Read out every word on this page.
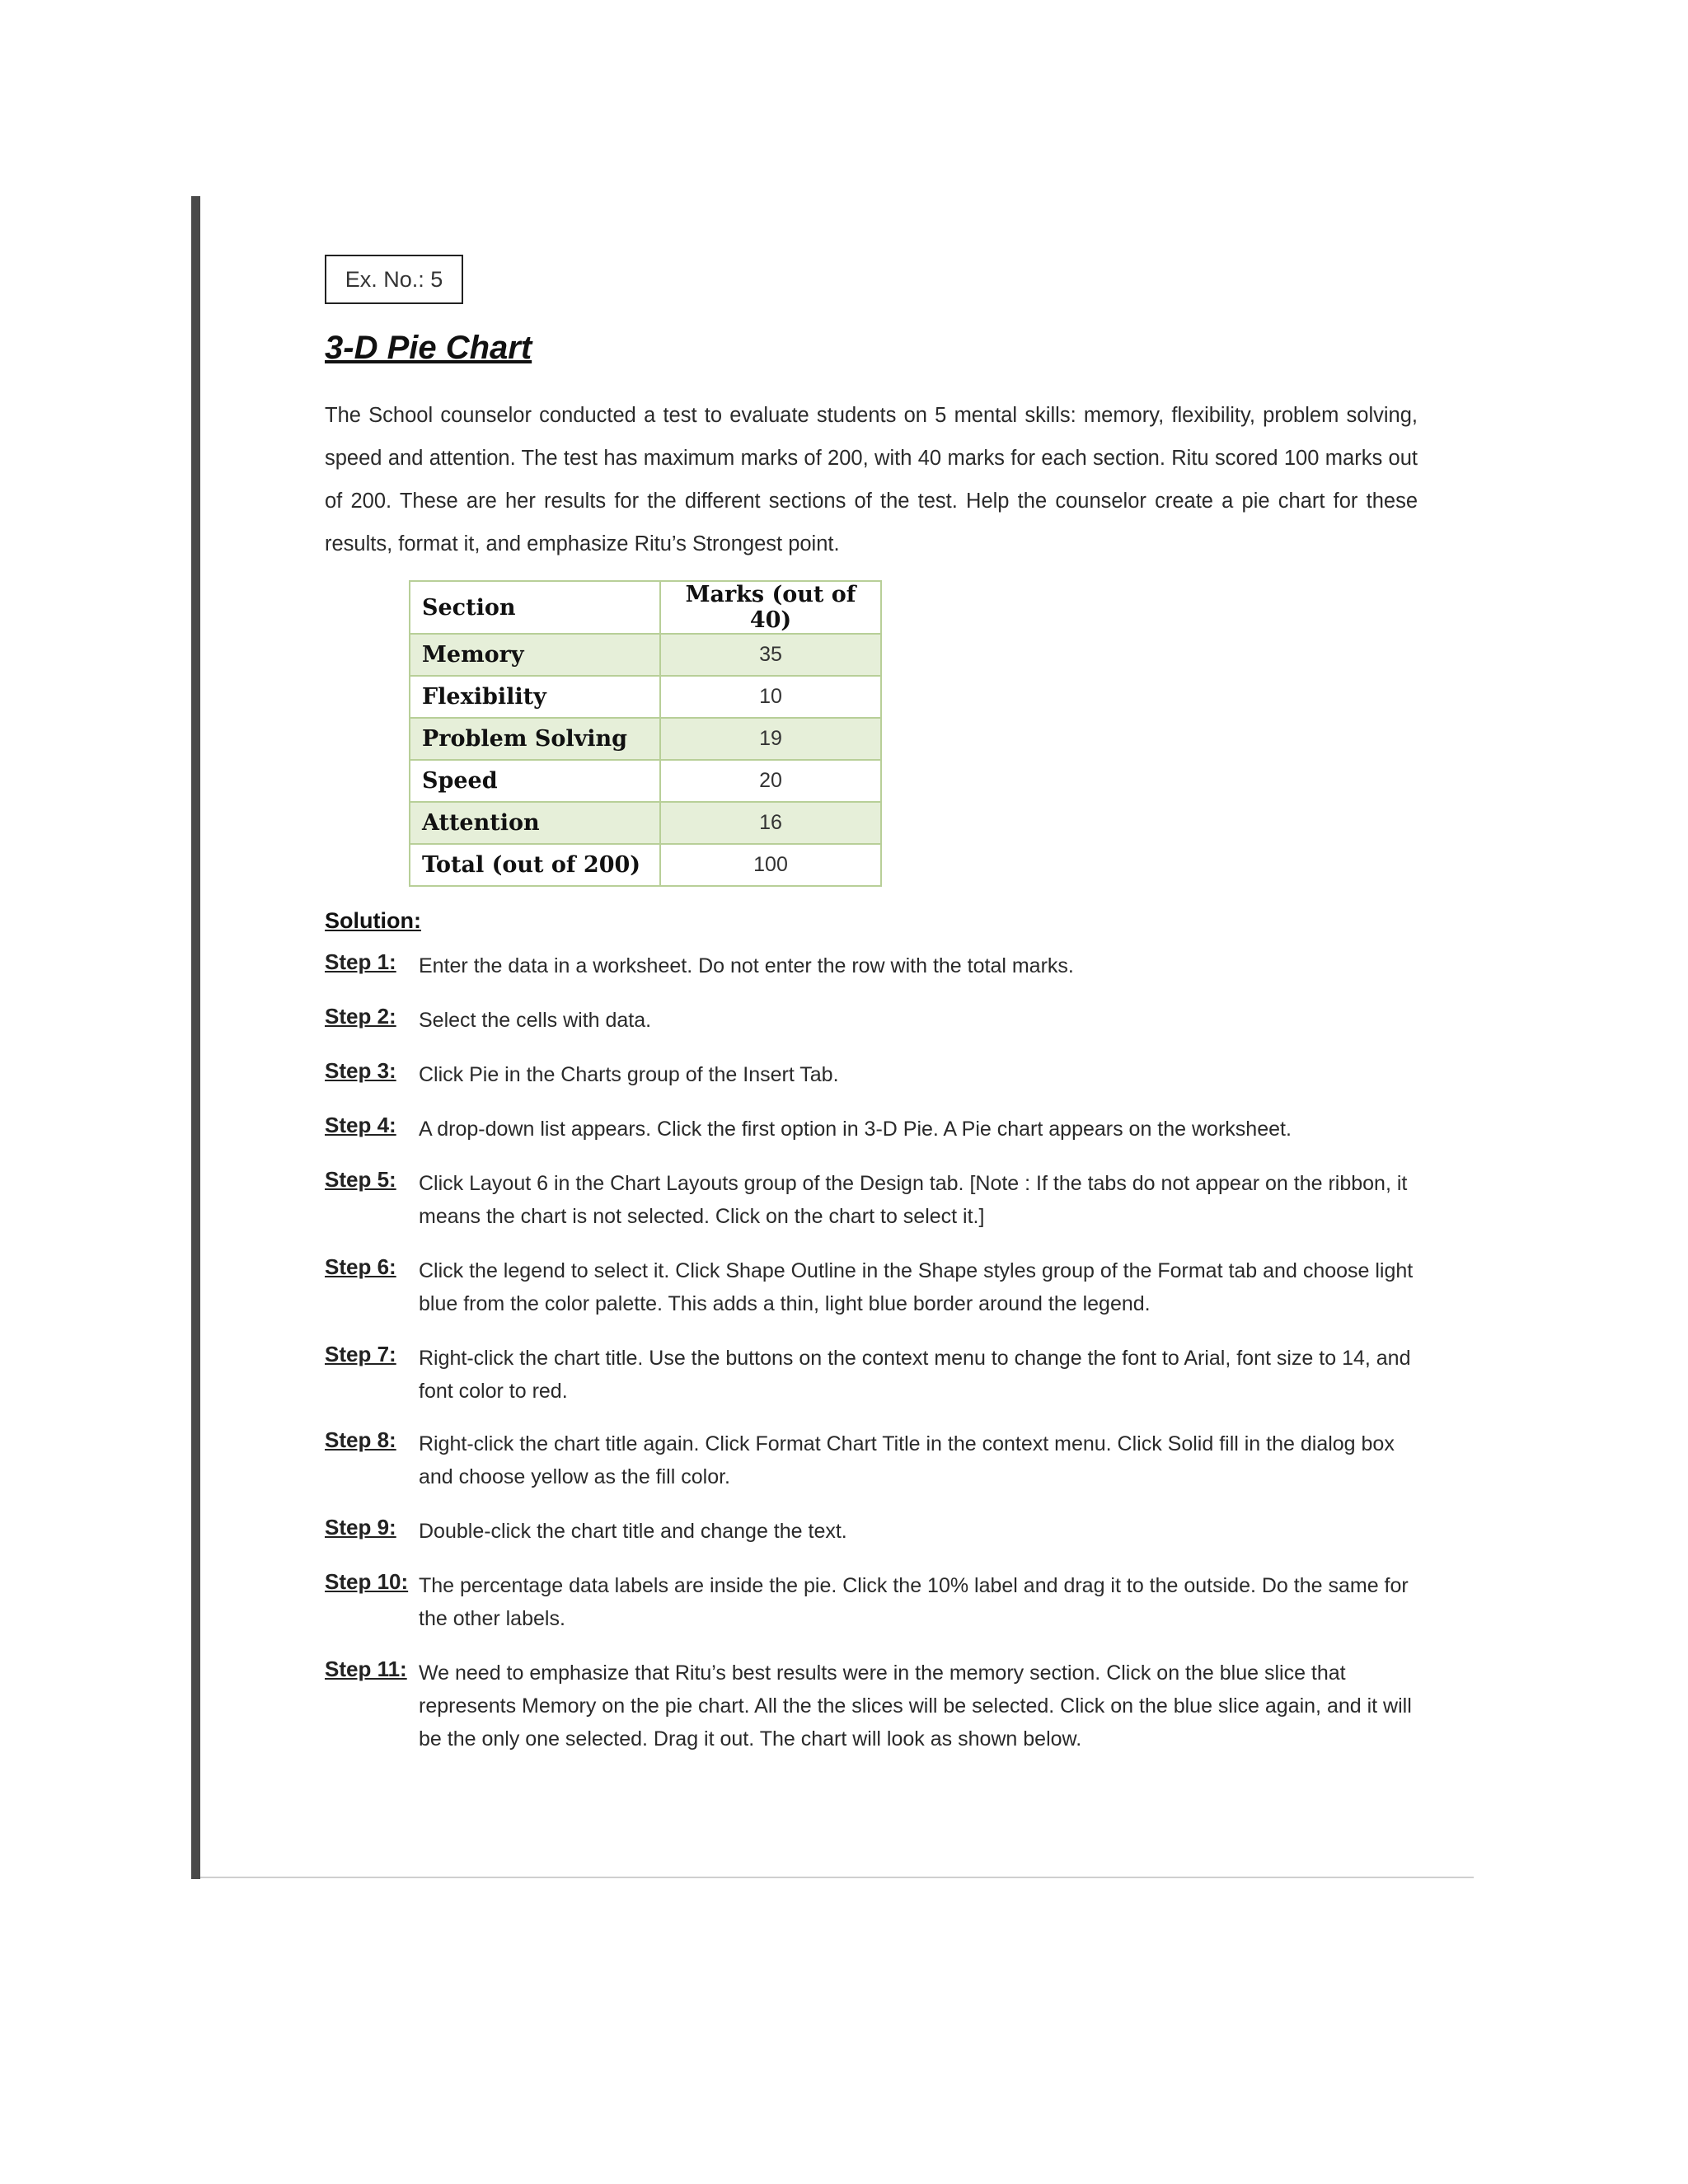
Ex. No.: 5
3-D Pie Chart

The School counselor conducted a test to evaluate students on 5 mental skills: memory, flexibility, problem solving, speed and attention. The test has maximum marks of 200, with 40 marks for each section. Ritu scored 100 marks out of 200. These are her results for the different sections of the test. Help the counselor create a pie chart for these results, format it, and emphasize Ritu’s Strongest point.

Section	Marks (out of 40)
Memory	35
Flexibility	10
Problem Solving	19
Speed	20
Attention	16
Total (out of 200)	100
Solution:
Step 1: Enter the data in a worksheet. Do not enter the row with the total marks.
Step 2: Select the cells with data.
Step 3: Click Pie in the Charts group of the Insert Tab.
Step 4: A drop-down list appears. Click the first option in 3-D Pie. A Pie chart appears on the worksheet.
Step 5: Click Layout 6 in the Chart Layouts group of the Design tab. [Note : If the tabs do not appear on the ribbon, it means the chart is not selected. Click on the chart to select it.]
Step 6: Click the legend to select it. Click Shape Outline in the Shape styles group of the Format tab and choose light blue from the color palette. This adds a thin, light blue border around the legend.
Step 7: Right-click the chart title. Use the buttons on the context menu to change the font to Arial, font size to 14, and font color to red.
Step 8: Right-click the chart title again. Click Format Chart Title in the context menu. Click Solid fill in the dialog box and choose yellow as the fill color.
Step 9: Double-click the chart title and change the text.
Step 10: The percentage data labels are inside the pie. Click the 10% label and drag it to the outside. Do the same for the other labels.
Step 11: We need to emphasize that Ritu’s best results were in the memory section. Click on the blue slice that represents Memory on the pie chart. All the the slices will be selected. Click on the blue slice again, and it will be the only one selected. Drag it out. The chart will look as shown below.
